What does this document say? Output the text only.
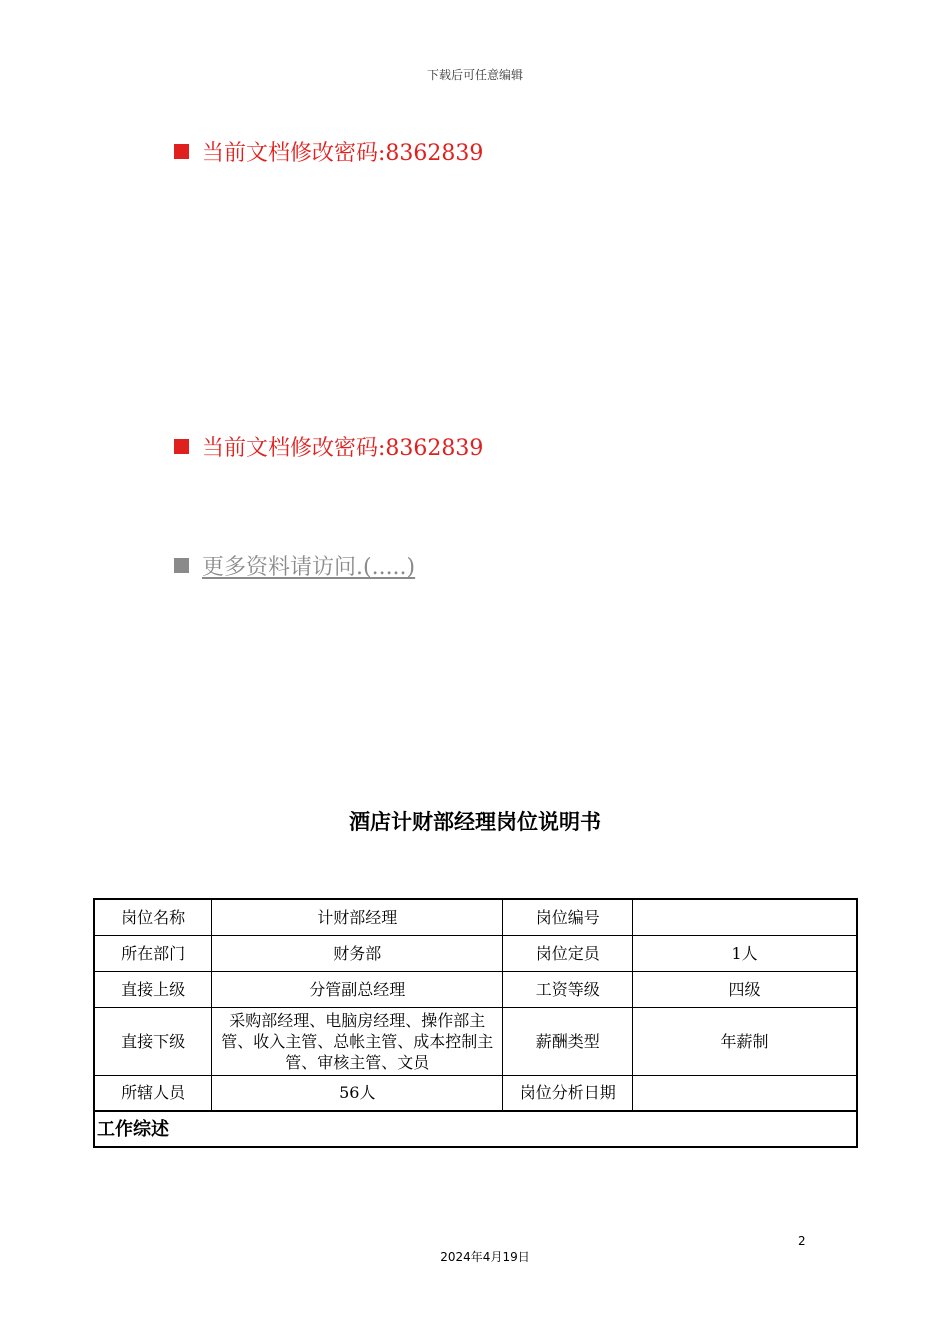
下载后可任意编辑
当前文档修改密码:8362839
当前文档修改密码:8362839
更多资料请访问.(.....)
酒店计财部经理岗位说明书
岗位名称	计财部经理	岗位编号	
所在部门	财务部	岗位定员	1人
直接上级	分管副总经理	工资等级	四级
直接下级	采购部经理、电脑房经理、操作部主管、收入主管、总帐主管、成本控制主管、审核主管、文员	薪酬类型	年薪制
所辖人员	56人	岗位分析日期	
工作综述			
2
2024年4月19日
